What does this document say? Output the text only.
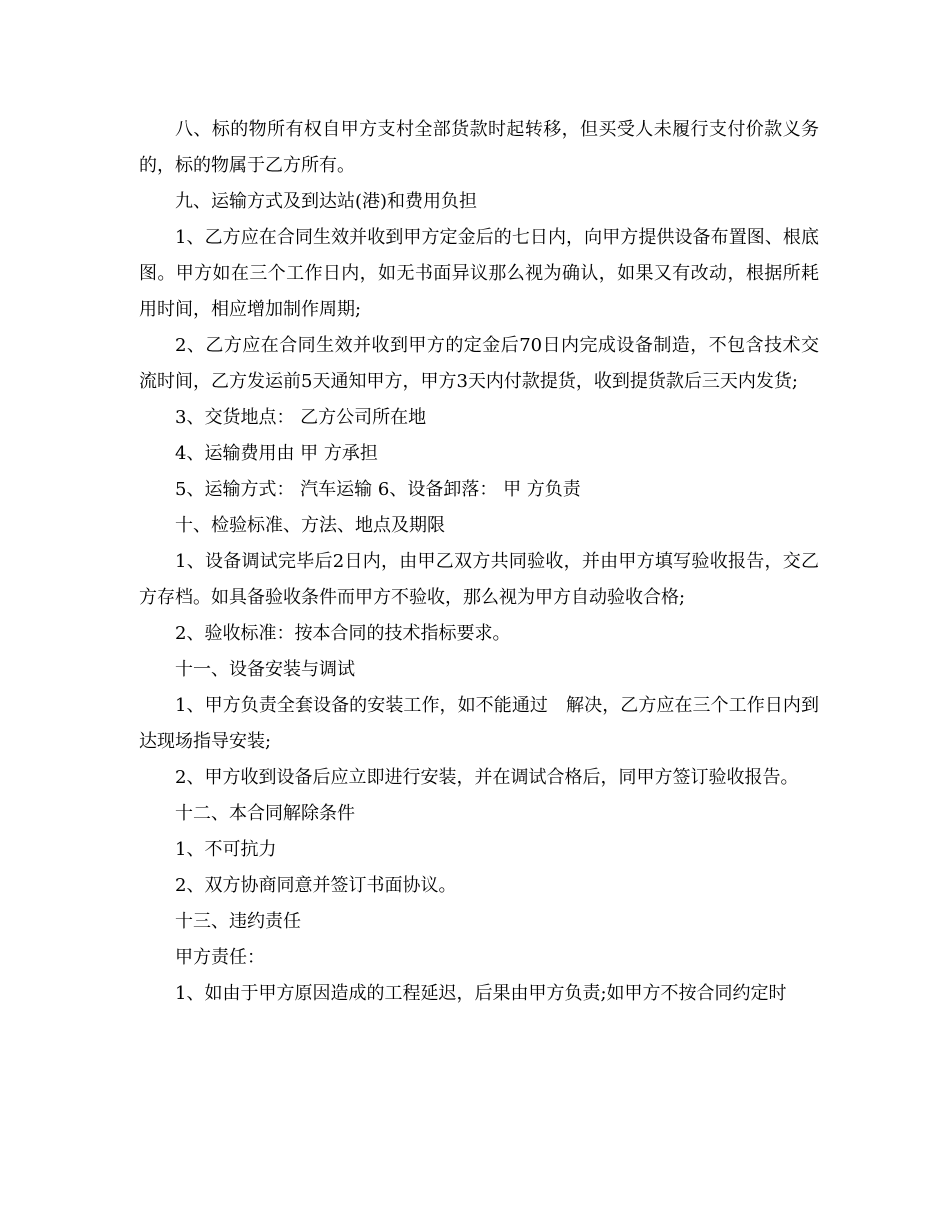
八、标的物所有权自甲方支村全部货款时起转移，但买受人未履行支付价款义务的，标的物属于乙方所有。

九、运输方式及到达站(港)和费用负担

1、乙方应在合同生效并收到甲方定金后的七日内，向甲方提供设备布置图、根底图。甲方如在三个工作日内，如无书面异议那么视为确认，如果又有改动，根据所耗用时间，相应增加制作周期;

2、乙方应在合同生效并收到甲方的定金后70日内完成设备制造，不包含技术交流时间，乙方发运前5天通知甲方，甲方3天内付款提货，收到提货款后三天内发货;

3、交货地点： 乙方公司所在地

4、运输费用由 甲 方承担

5、运输方式： 汽车运输 6、设备卸落： 甲 方负责

十、检验标准、方法、地点及期限

1、设备调试完毕后2日内，由甲乙双方共同验收，并由甲方填写验收报告，交乙方存档。如具备验收条件而甲方不验收，那么视为甲方自动验收合格;

2、验收标准：按本合同的技术指标要求。

十一、设备安装与调试

1、甲方负责全套设备的安装工作，如不能通过　解决，乙方应在三个工作日内到达现场指导安装;

2、甲方收到设备后应立即进行安装，并在调试合格后，同甲方签订验收报告。

十二、本合同解除条件

1、不可抗力

2、双方协商同意并签订书面协议。

十三、违约责任

甲方责任：

1、如由于甲方原因造成的工程延迟，后果由甲方负责;如甲方不按合同约定时
